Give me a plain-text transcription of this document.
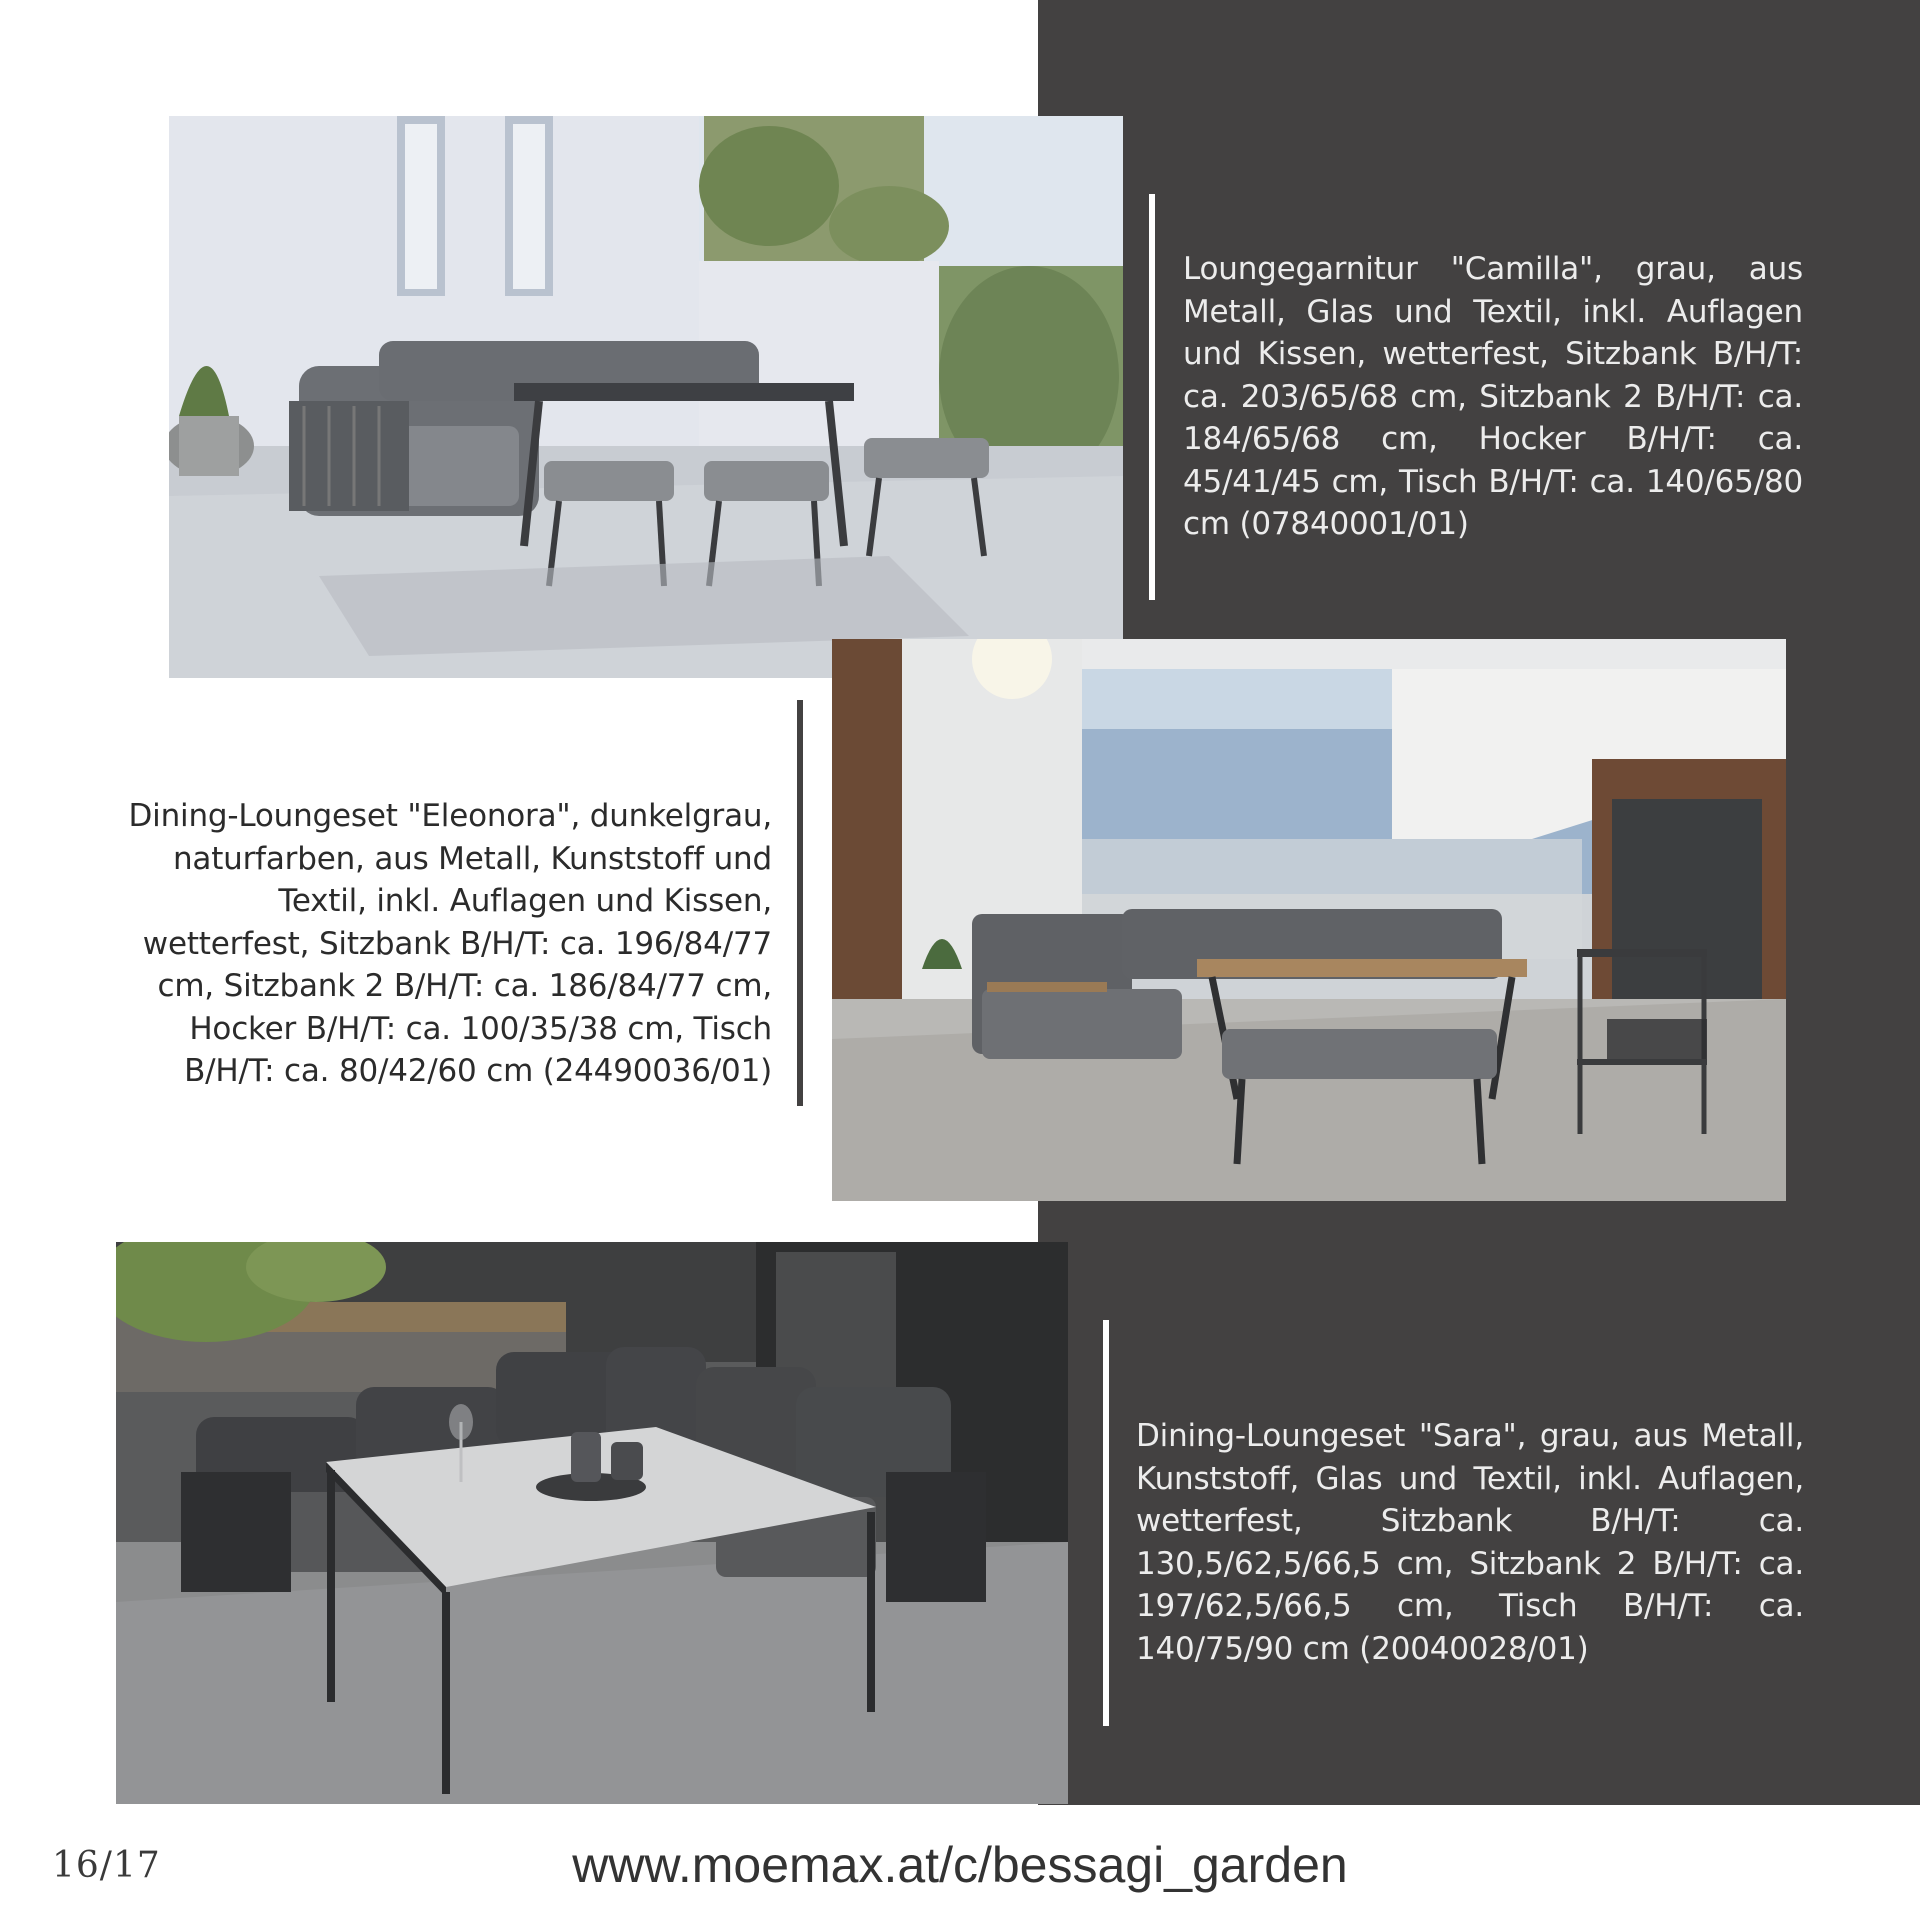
Loungegarnitur "Camilla", grau, aus Metall, Glas und Textil, inkl. Auflagen und Kissen, wetterfest, Sitzbank B/H/T: ca. 203/65/68 cm, Sitzbank 2 B/H/T: ca. 184/65/68 cm, Hocker B/H/T: ca. 45/41/45 cm, Tisch B/H/T: ca. 140/65/80 cm (07840001/01)

Dining-Loungeset "Eleonora", dunkelgrau, naturfarben, aus Metall, Kunststoff und Textil, inkl. Auflagen und Kissen, wetterfest, Sitzbank B/H/T: ca. 196/84/77 cm, Sitzbank 2 B/H/T: ca. 186/84/77 cm, Hocker B/H/T: ca. 100/35/38 cm, Tisch B/H/T: ca. 80/42/60 cm (24490036/01)

Dining-Loungeset "Sara", grau, aus Metall, Kunststoff, Glas und Textil, inkl. Auflagen, wetterfest, Sitzbank B/H/T: ca. 130,5/62,5/66,5 cm, Sitzbank 2 B/H/T: ca. 197/62,5/66,5 cm, Tisch B/H/T: ca. 140/75/90 cm (20040028/01)

16/17	www.moemax.at/c/bessagi_garden
